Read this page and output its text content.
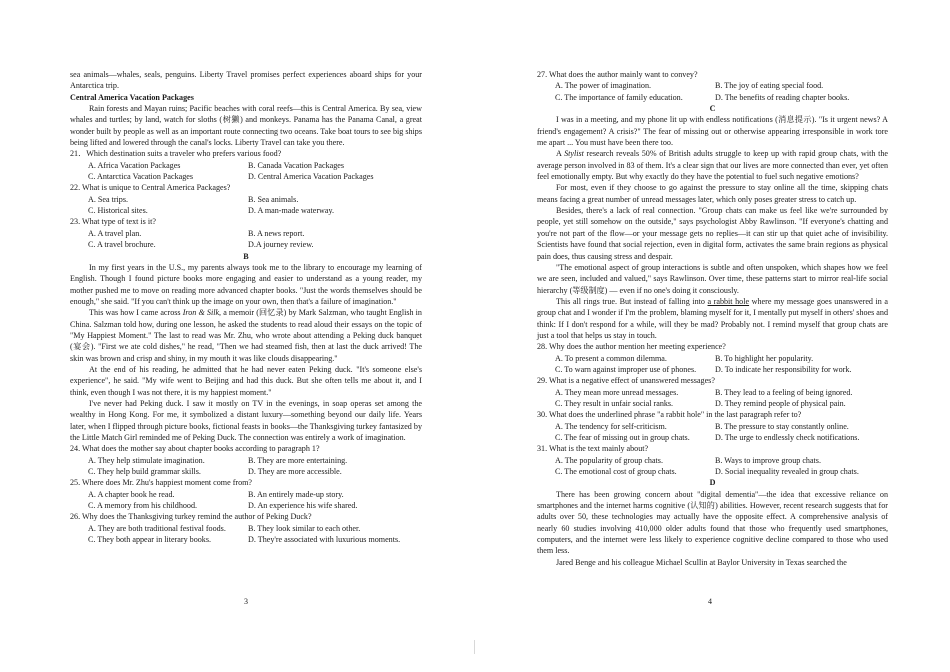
sea animals—whales, seals, penguins. Liberty Travel promises perfect experiences aboard ships for your Antarctica trip.

Central America Vacation Packages

Rain forests and Mayan ruins; Pacific beaches with coral reefs—this is Central America. By sea, view whales and turtles; by land, watch for sloths (树獭) and monkeys. Panama has the Panama Canal, a great wonder built by people as well as an important route connecting two oceans. Take boat tours to see big ships being lifted and lowered through the canal's locks. Liberty Travel can take you there.

21．Which destination suits a traveler who prefers various food?

A. Africa Vacation Packages	B. Canada Vacation Packages
C. Antarctica Vacation Packages	D. Central America Vacation Packages

22. What is unique to Central America Packages?

A. Sea trips.	B. Sea animals.
C. Historical sites.	D. A man-made waterway.

23. What type of text is it?

A. A travel plan.	B. A news report.
C. A travel brochure.	D.A journey review.

B

In my first years in the U.S., my parents always took me to the library to encourage my learning of English. Though I found picture books more engaging and easier to understand as a young reader, my mother pushed me to move on reading more advanced chapter books. "Just the words themselves should be enough," she said. "If you can't think up the image on your own, then that's a failure of imagination."

This was how I came across Iron & Silk, a memoir (回忆录) by Mark Salzman, who taught English in China. Salzman told how, during one lesson, he asked the students to read aloud their essays on the topic of "My Happiest Moment." The last to read was Mr. Zhu, who wrote about attending a Peking duck banquet (宴会). "First we ate cold dishes," he read, "Then we had steamed fish, then at last the duck arrived! The skin was brown and crisp and shiny, in my mouth it was like clouds disappearing."

At the end of his reading, he admitted that he had never eaten Peking duck. "It's someone else's experience", he said. "My wife went to Beijing and had this duck. But she often tells me about it, and I think, even though I was not there, it is my happiest moment."

I've never had Peking duck. I saw it mostly on TV in the evenings, in soap operas set among the wealthy in Hong Kong. For me, it symbolized a distant luxury—something beyond our daily life. Years later, when I flipped through picture books, fictional feasts in books—the Thanksgiving turkey fantasized by the Little Match Girl reminded me of Peking Duck. The connection was entirely a work of imagination.

24. What does the mother say about chapter books according to paragraph 1?

A. They help stimulate imagination.	B. They are more entertaining.
C. They help build grammar skills.	D. They are more accessible.

25. Where does Mr. Zhu's happiest moment come from?

A. A chapter book he read.	B. An entirely made-up story.
C. A memory from his childhood.	D. An experience his wife shared.

26. Why does the Thanksgiving turkey remind the author of Peking Duck?

A. They are both traditional festival foods.	B. They look similar to each other.
C. They both appear in literary books.	D. They're associated with luxurious moments.
3

27. What does the author mainly want to convey?

A. The power of imagination.	B. The joy of eating special food.
C. The importance of family education.	D. The benefits of reading chapter books.

C

I was in a meeting, and my phone lit up with endless notifications (消息提示). "Is it urgent news? A friend's engagement? A crisis?" The fear of missing out or otherwise appearing irresponsible in work tore me apart ... You must have been there too.

A Stylist research reveals 50% of British adults struggle to keep up with rapid group chats, with the average person involved in 83 of them. It's a clear sign that our lives are more connected than ever, yet often feel emotionally empty. But why exactly do they have the potential to fuel such negative emotions?

For most, even if they choose to go against the pressure to stay online all the time, skipping chats means facing a great number of unread messages later, which only poses greater stress to catch up.

Besides, there's a lack of real connection. "Group chats can make us feel like we're surrounded by people, yet still somehow on the outside," says psychologist Abby Rawlinson. "If everyone's chatting and you're not part of the flow—or your message gets no replies—it can stir up that quiet ache of invisibility. Scientists have found that social rejection, even in digital form, activates the same brain regions as physical pain does, thus causing stress and despair.

"The emotional aspect of group interactions is subtle and often unspoken, which shapes how we feel we are seen, included and valued," says Rawlinson. Over time, these patterns start to mirror real-life social hierarchy (等级制度) — even if no one's doing it consciously.

This all rings true. But instead of falling into a rabbit hole where my message goes unanswered in a group chat and I wonder if I'm the problem, blaming myself for it, I mentally put myself in others' shoes and think: If I don't respond for a while, will they be mad? Probably not. I remind myself that group chats are just a tool that helps us stay in touch.

28. Why does the author mention her meeting experience?

A. To present a common dilemma.	B. To highlight her popularity.
C. To warn against improper use of phones.	D. To indicate her responsibility for work.

29. What is a negative effect of unanswered messages?

A. They mean more unread messages.	B. They lead to a feeling of being ignored.
C. They result in unfair social ranks.	D. They remind people of physical pain.

30. What does the underlined phrase "a rabbit hole" in the last paragraph refer to?

A. The tendency for self-criticism.	B. The pressure to stay constantly online.
C. The fear of missing out in group chats.	D. The urge to endlessly check notifications.

31. What is the text mainly about?

A. The popularity of group chats.	B. Ways to improve group chats.
C. The emotional cost of group chats.	D. Social inequality revealed in group chats.

D

There has been growing concern about "digital dementia"—the idea that excessive reliance on smartphones and the internet harms cognitive (认知的) abilities. However, recent research suggests that for adults over 50, these technologies may actually have the opposite effect. A comprehensive analysis of nearly 60 studies involving 410,000 older adults found that those who frequently used smartphones, computers, and the internet were less likely to experience cognitive decline compared to those who used them less.

Jared Benge and his colleague Michael Scullin at Baylor University in Texas searched the

4
